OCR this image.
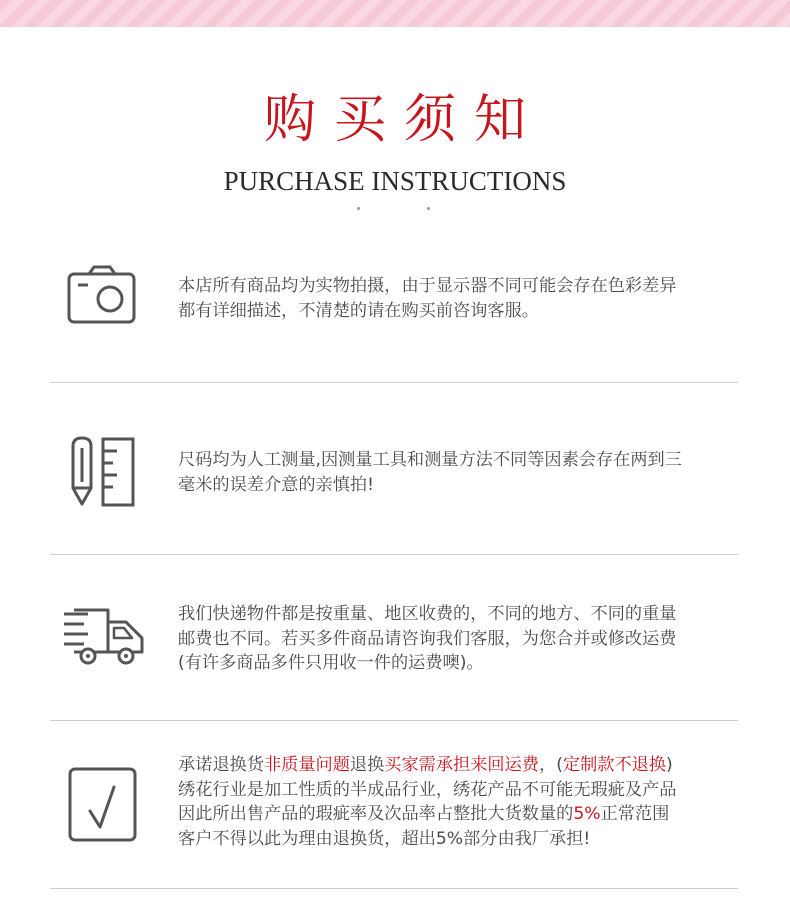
购买须知
PURCHASE INSTRUCTIONS
本店所有商品均为实物拍摄，由于显示器不同可能会存在色彩差异
都有详细描述，不清楚的请在购买前咨询客服。
尺码均为人工测量,因测量工具和测量方法不同等因素会存在两到三
毫米的误差介意的亲慎拍!
我们快递物件都是按重量、地区收费的，不同的地方、不同的重量
邮费也不同。若买多件商品请咨询我们客服，为您合并或修改运费
(有许多商品多件只用收一件的运费噢)。
承诺退换货非质量问题退换买家需承担来回运费，(定制款不退换)
绣花行业是加工性质的半成品行业，绣花产品不可能无瑕疵及产品
因此所出售产品的瑕疵率及次品率占整批大货数量的5%正常范围
客户不得以此为理由退换货，超出5%部分由我厂承担!
